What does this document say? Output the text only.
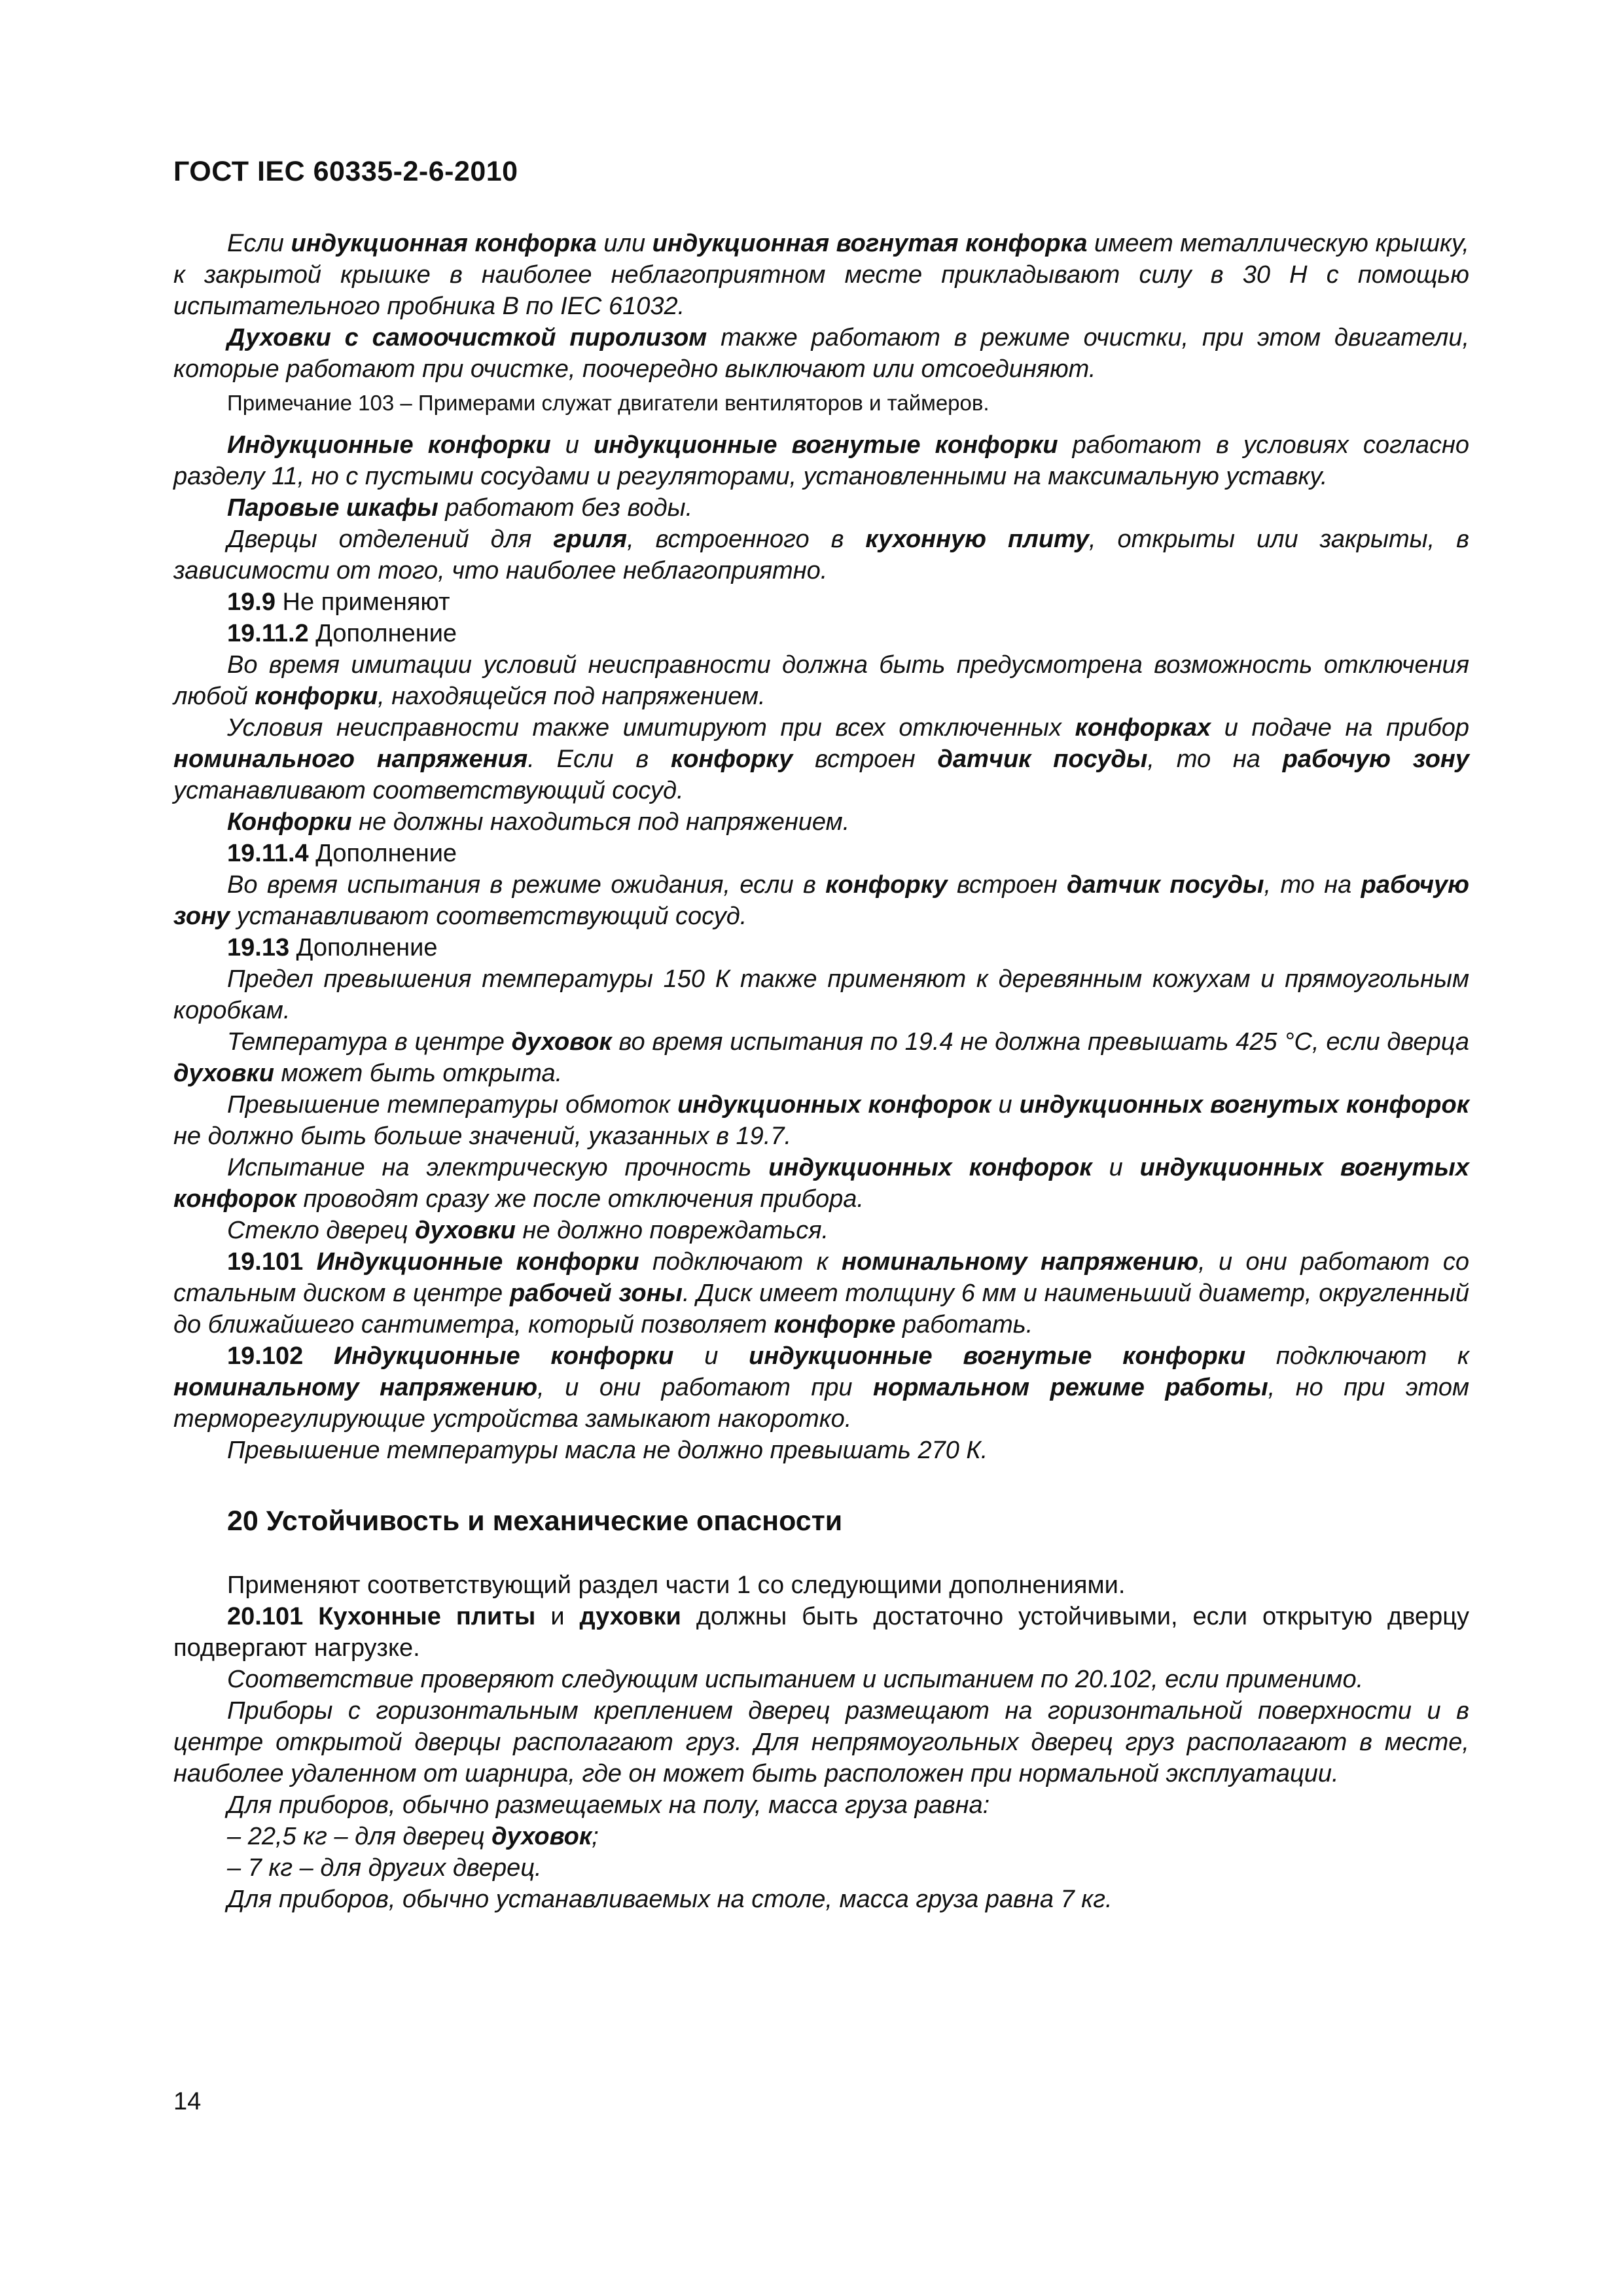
ГОСТ IEC 60335-2-6-2010

Если индукционная конфорка или индукционная вогнутая конфорка имеет металлическую крышку, к закрытой крышке в наиболее неблагоприятном месте прикладывают силу в 30 Н с помощью испытательного пробника В по IEC 61032.

Духовки с самоочисткой пиролизом также работают в режиме очистки, при этом двигатели, которые работают при очистке, поочередно выключают или отсоединяют.

Примечание 103 – Примерами служат двигатели вентиляторов и таймеров.

Индукционные конфорки и индукционные вогнутые конфорки работают в условиях согласно разделу 11, но с пустыми сосудами и регуляторами, установленными на максимальную уставку.

Паровые шкафы работают без воды.

Дверцы отделений для гриля, встроенного в кухонную плиту, открыты или закрыты, в зависимости от того, что наиболее неблагоприятно.

19.9 Не применяют

19.11.2 Дополнение

Во время имитации условий неисправности должна быть предусмотрена возможность отключения любой конфорки, находящейся под напряжением.

Условия неисправности также имитируют при всех отключенных конфорках и подаче на прибор номинального напряжения. Если в конфорку встроен датчик посуды, то на рабочую зону устанавливают соответствующий сосуд.

Конфорки не должны находиться под напряжением.

19.11.4 Дополнение

Во время испытания в режиме ожидания, если в конфорку встроен датчик посуды, то на рабочую зону устанавливают соответствующий сосуд.

19.13 Дополнение

Предел превышения температуры 150 К также применяют к деревянным кожухам и прямоугольным коробкам.

Температура в центре духовок во время испытания по 19.4 не должна превышать 425 °С, если дверца духовки может быть открыта.

Превышение температуры обмоток индукционных конфорок и индукционных вогнутых конфорок не должно быть больше значений, указанных в 19.7.

Испытание на электрическую прочность индукционных конфорок и индукционных вогнутых конфорок проводят сразу же после отключения прибора.

Стекло дверец духовки не должно повреждаться.

19.101 Индукционные конфорки подключают к номинальному напряжению, и они работают со стальным диском в центре рабочей зоны. Диск имеет толщину 6 мм и наименьший диаметр, округленный до ближайшего сантиметра, который позволяет конфорке работать.

19.102 Индукционные конфорки и индукционные вогнутые конфорки подключают к номинальному напряжению, и они работают при нормальном режиме работы, но при этом терморегулирующие устройства замыкают накоротко.

Превышение температуры масла не должно превышать 270 К.

20 Устойчивость и механические опасности

Применяют соответствующий раздел части 1 со следующими дополнениями.

20.101 Кухонные плиты и духовки должны быть достаточно устойчивыми, если открытую дверцу подвергают нагрузке.

Соответствие проверяют следующим испытанием и испытанием по 20.102, если применимо.

Приборы с горизонтальным креплением дверец размещают на горизонтальной поверхности и в центре открытой дверцы располагают груз. Для непрямоугольных дверец груз располагают в месте, наиболее удаленном от шарнира, где он может быть расположен при нормальной эксплуатации.

Для приборов, обычно размещаемых на полу, масса груза равна:

– 22,5 кг – для дверец духовок;

– 7 кг – для других дверец.

Для приборов, обычно устанавливаемых на столе, масса груза равна 7 кг.

14
